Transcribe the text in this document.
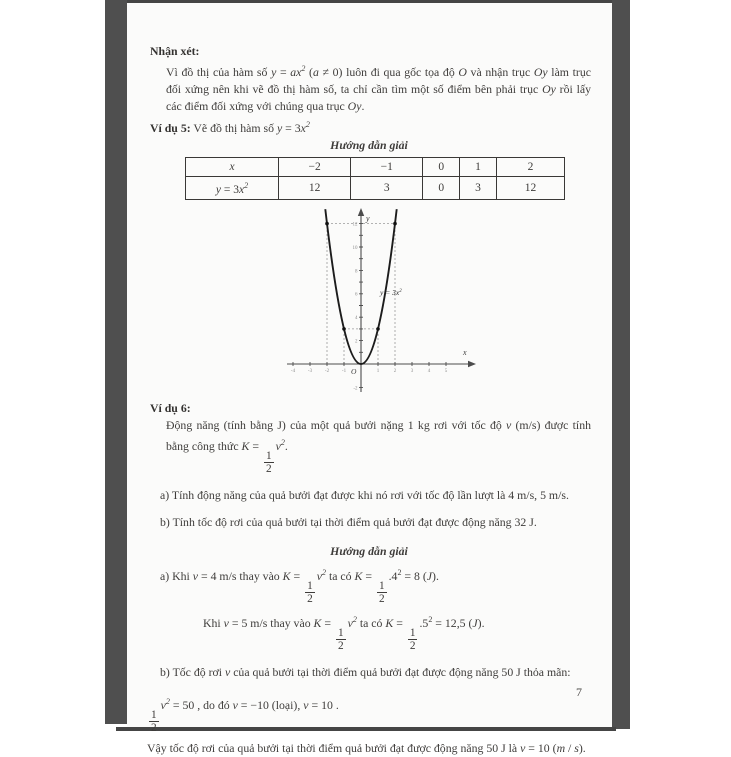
Nhận xét:

Vì đồ thị của hàm số $y = ax^2$ (a ≠ 0) luôn đi qua gốc tọa độ O và nhận trục Oy làm trục đối xứng nên khi vẽ đồ thị hàm số, ta chỉ cần tìm một số điểm bên phải trục Oy rồi lấy các điểm đối xứng với chúng qua trục Oy.

Ví dụ 5: Vẽ đồ thị hàm số $y = 3x^2$

Hướng dẫn giải
x	−2	−1	0	1	2
$y = 3x^2$	12	3	0	3	12
y
x
O
$y = 3x^2$
-4	-3	-2	-1	1	2	3	4	5
2
4
6
8
10
12
-2
Ví dụ 6:

Động năng (tính bằng J) của một quả bưởi nặng 1 kg rơi với tốc độ v (m/s) được tính bằng công thức K =
$\frac{1}{2}$
$v^2$.

a) Tính động năng của quả bưởi đạt được khi nó rơi với tốc độ lần lượt là 4 m/s, 5 m/s.

b) Tính tốc độ rơi của quả bưởi tại thời điểm quả bưởi đạt được động năng 32 J.

Hướng dẫn giải

a) Khi v = 4 m/s thay vào K =
$\frac{1}{2}$
$v^2$ ta có K =
$\frac{1}{2}$
$.4^2 = 8$ (J).

Khi v = 5 m/s thay vào K =
$\frac{1}{2}$
$v^2$ ta có K =
$\frac{1}{2}$
$.5^2 = 12,5$ (J).

b) Tốc độ rơi v của quả bưởi tại thời điểm quả bưởi đạt được động năng 50 J thỏa mãn:

$\frac{1}{2}$
$v^2 = 50$ , do đó v = −10 (loại), v = 10 .

Vậy tốc độ rơi của quả bưởi tại thời điểm quả bưởi đạt được động năng 50 J là v = 10 (m / s).

7
